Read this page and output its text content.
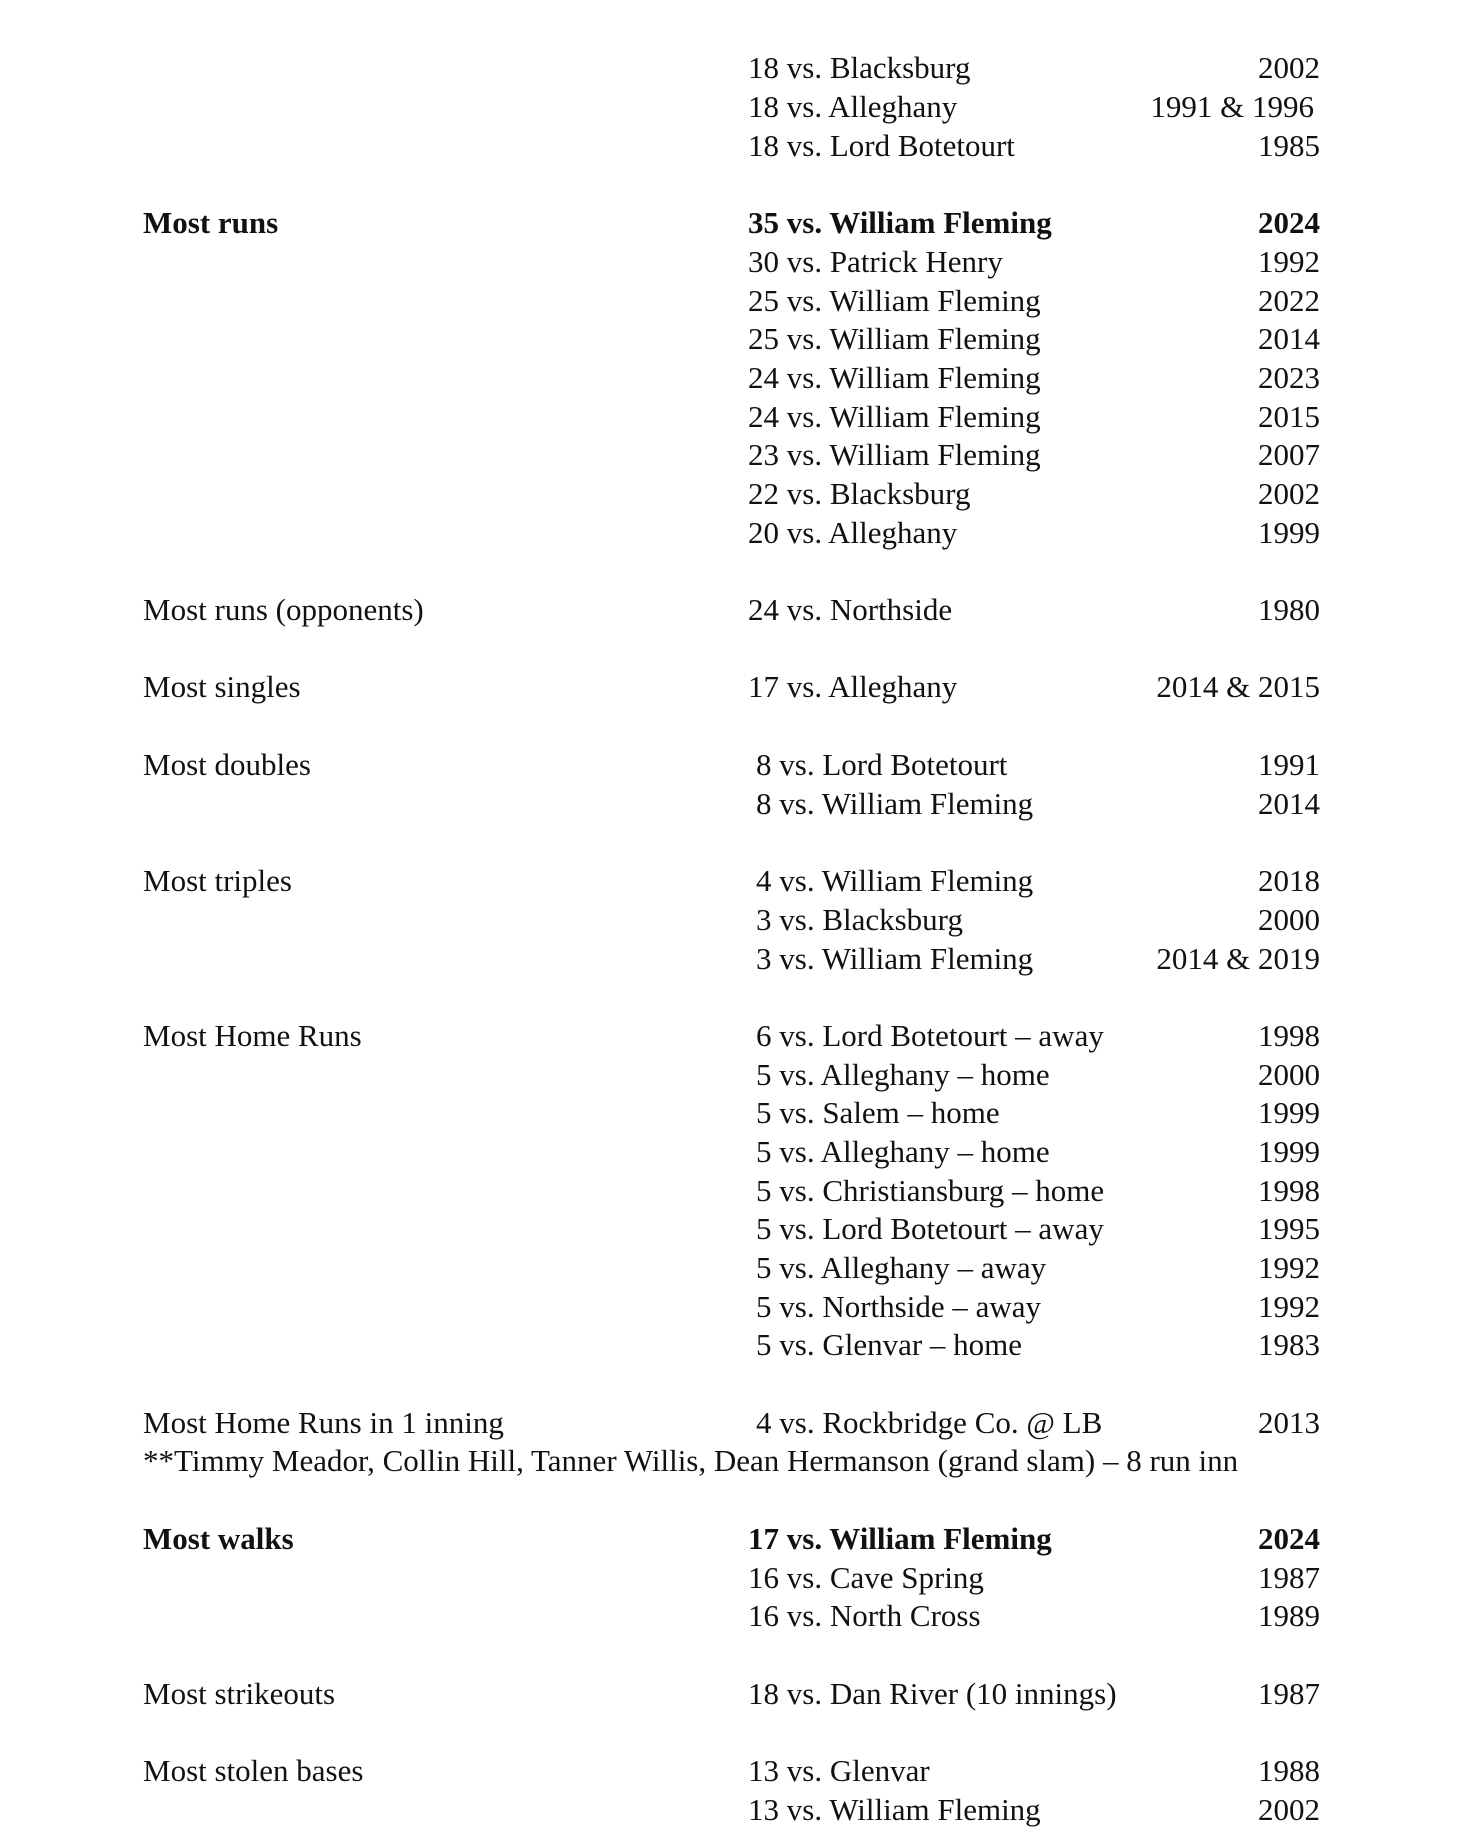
18 vs. Blacksburg	2002
18 vs. Alleghany	1991 & 1996
18 vs. Lord Botetourt	1985
Most runs	35 vs. William Fleming	2024
30 vs. Patrick Henry	1992
25 vs. William Fleming	2022
25 vs. William Fleming	2014
24 vs. William Fleming	2023
24 vs. William Fleming	2015
23 vs. William Fleming	2007
22 vs. Blacksburg	2002
20 vs. Alleghany	1999
Most runs (opponents)	24 vs. Northside	1980
Most singles	17 vs. Alleghany	2014 & 2015
Most doubles	8 vs. Lord Botetourt	1991
8 vs. William Fleming	2014
Most triples	4 vs. William Fleming	2018
3 vs. Blacksburg	2000
3 vs. William Fleming	2014 & 2019
Most Home Runs	6 vs. Lord Botetourt – away	1998
5 vs. Alleghany – home	2000
5 vs. Salem – home	1999
5 vs. Alleghany – home	1999
5 vs. Christiansburg – home	1998
5 vs. Lord Botetourt – away	1995
5 vs. Alleghany – away	1992
5 vs. Northside – away	1992
5 vs. Glenvar – home	1983
Most Home Runs in 1 inning	4 vs. Rockbridge Co. @ LB	2013
**Timmy Meador, Collin Hill, Tanner Willis, Dean Hermanson (grand slam) – 8 run inn
Most walks	17 vs. William Fleming	2024
16 vs. Cave Spring	1987
16 vs. North Cross	1989
Most strikeouts	18 vs. Dan River (10 innings)	1987
Most stolen bases	13 vs. Glenvar	1988
13 vs. William Fleming	2002
